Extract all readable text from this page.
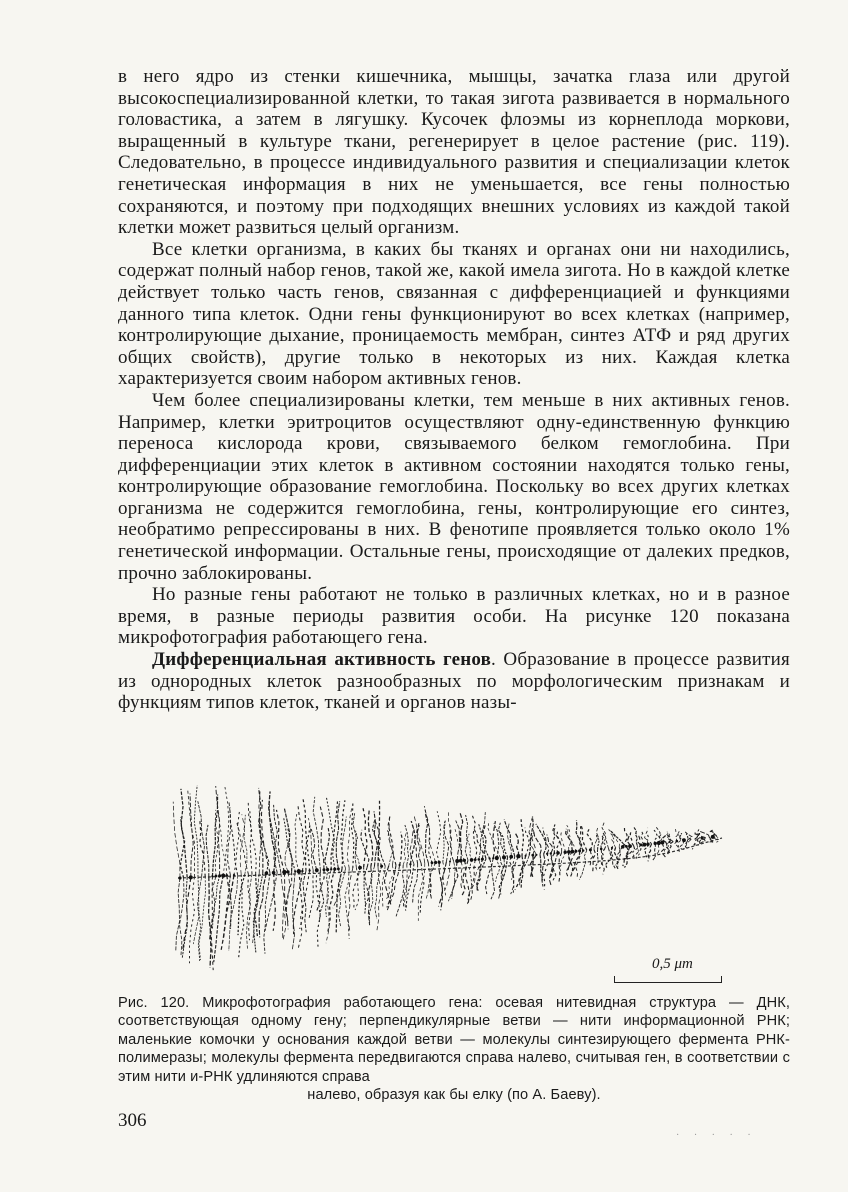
в него ядро из стенки кишечника, мышцы, зачатка глаза или другой высокоспециализированной клетки, то такая зигота развивается в нормального головастика, а затем в лягушку. Кусочек флоэмы из корнеплода моркови, выращенный в культуре ткани, регенерирует в целое растение (рис. 119). Следовательно, в процессе индивидуального развития и специализации клеток генетическая информация в них не уменьшается, все гены полностью сохраняются, и поэтому при подходящих внешних условиях из каждой такой клетки может развиться целый организм.

Все клетки организма, в каких бы тканях и органах они ни находились, содержат полный набор генов, такой же, какой имела зигота. Но в каждой клетке действует только часть генов, связанная с дифференциацией и функциями данного типа клеток. Одни гены функционируют во всех клетках (например, контролирующие дыхание, проницаемость мембран, синтез АТФ и ряд других общих свойств), другие только в некоторых из них. Каждая клетка характеризуется своим набором активных генов.

Чем более специализированы клетки, тем меньше в них активных генов. Например, клетки эритроцитов осуществляют одну-единственную функцию переноса кислорода крови, связываемого белком гемоглобина. При дифференциации этих клеток в активном состоянии находятся только гены, контролирующие образование гемоглобина. Поскольку во всех других клетках организма не содержится гемоглобина, гены, контролирующие его синтез, необратимо репрессированы в них. В фенотипе проявляется только около 1% генетической информации. Остальные гены, происходящие от далеких предков, прочно заблокированы.

Но разные гены работают не только в различных клетках, но и в разное время, в разные периоды развития особи. На рисунке 120 показана микрофотография работающего гена.

Дифференциальная активность генов. Образование в процессе развития из однородных клеток разнообразных по морфологическим признакам и функциям типов клеток, тканей и органов назы-

0,5 μm
Рис. 120. Микрофотография работающего гена: осевая нитевидная структура — ДНК, соответствующая одному гену; перпендикулярные ветви — нити информационной РНК; маленькие комочки у основания каждой ветви — молекулы синтезирующего фермента РНК-полимеразы; молекулы фермента передвигаются справа налево, считывая ген, в соответствии с этим нити и-РНК удлиняются справа
налево, образуя как бы елку (по А. Баеву).
306
· · · · ·
